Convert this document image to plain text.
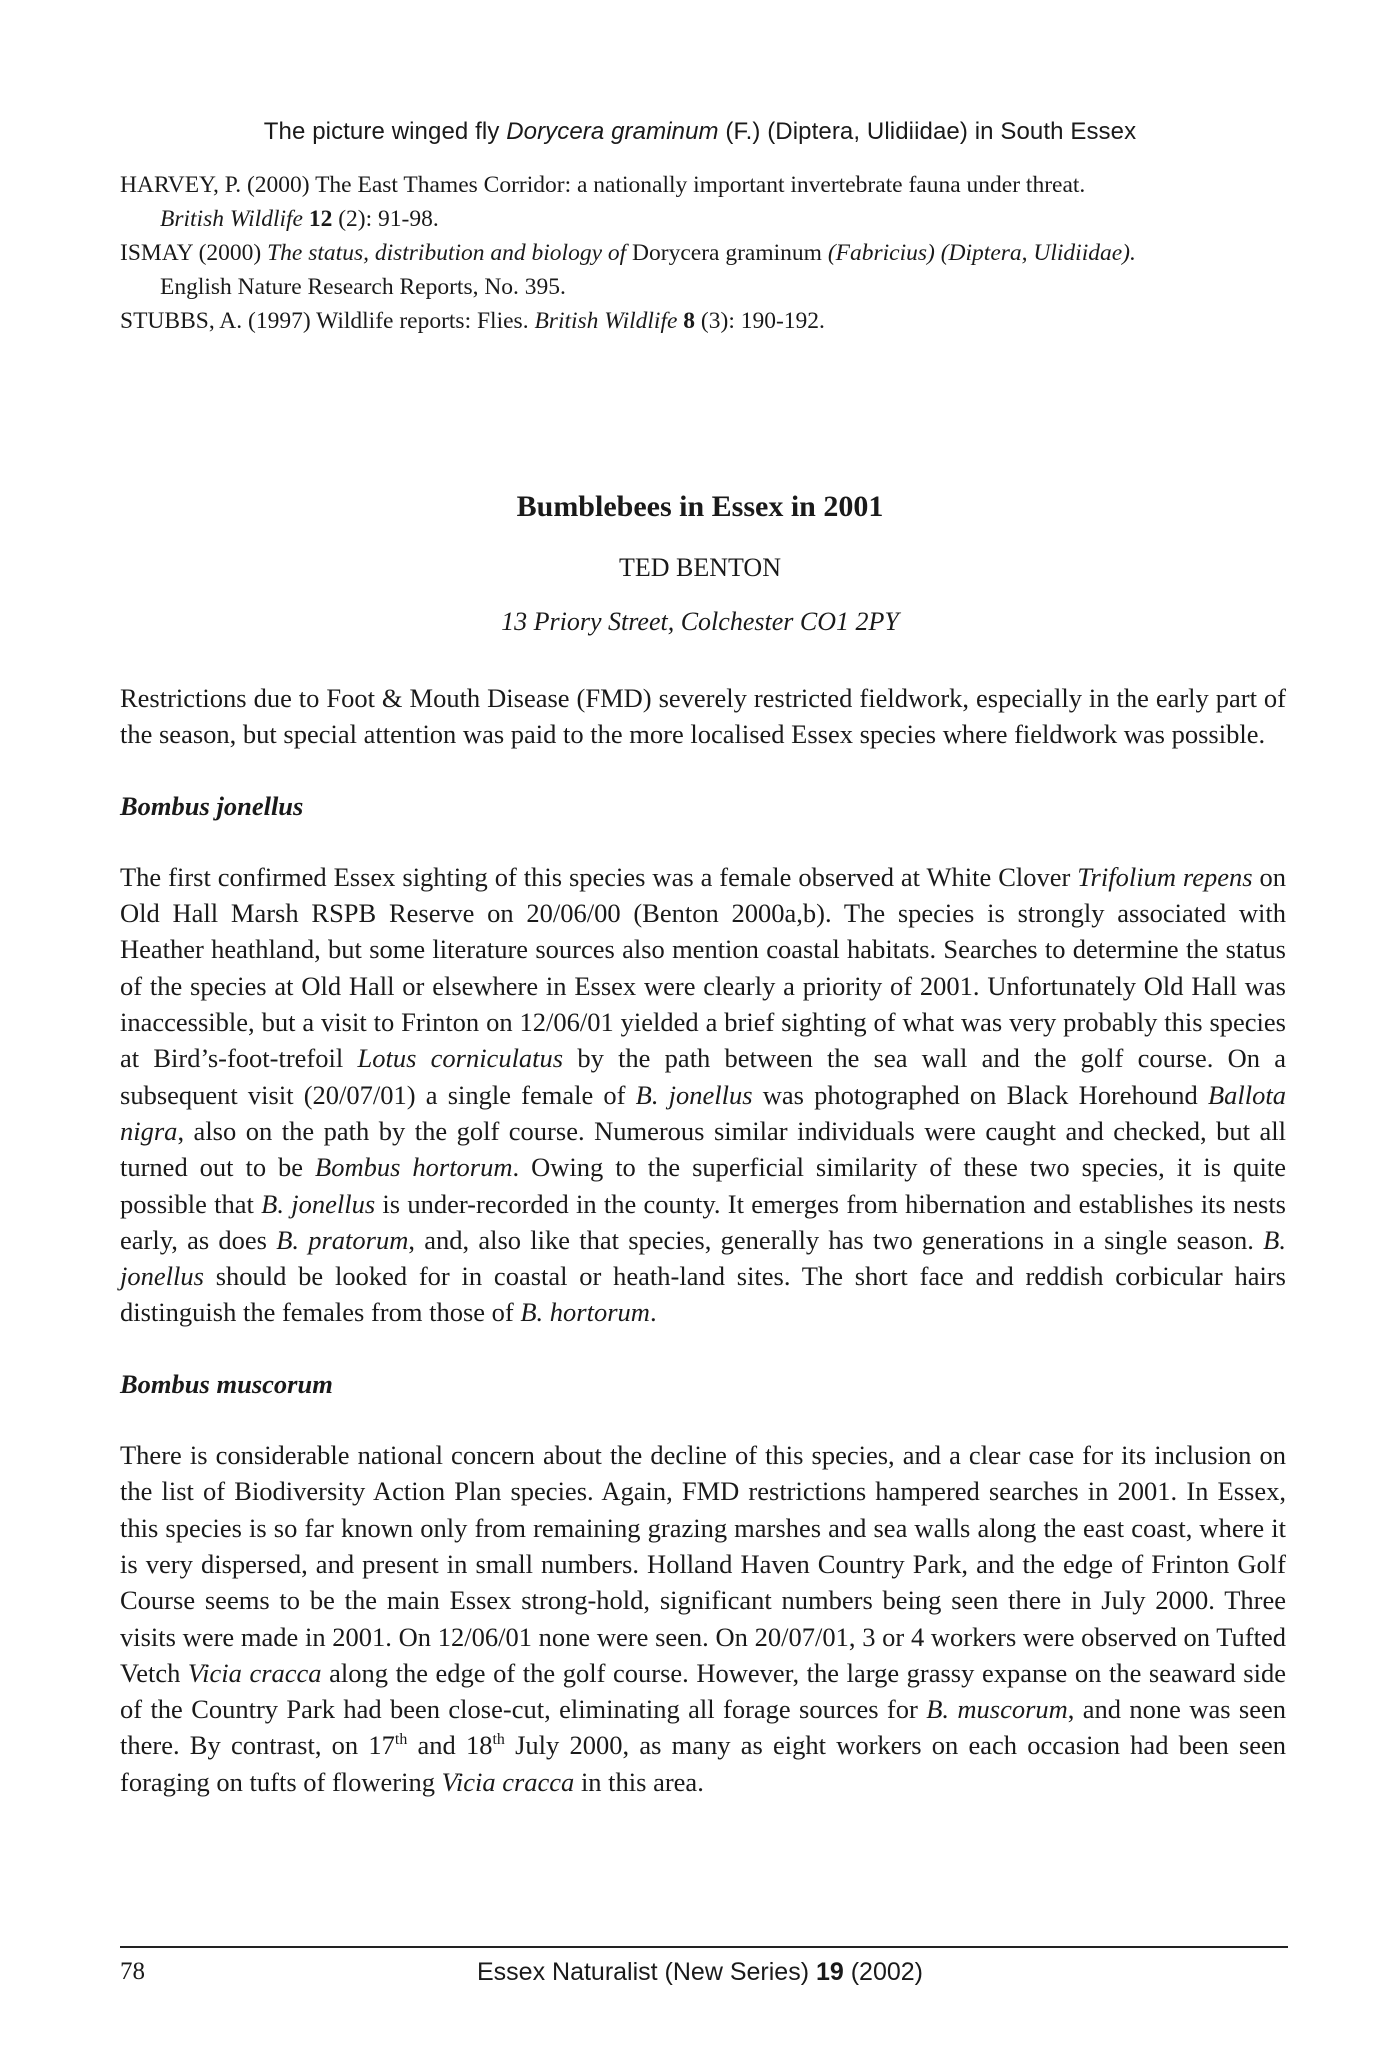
The picture winged fly Dorycera graminum (F.) (Diptera, Ulidiidae) in South Essex
HARVEY, P. (2000) The East Thames Corridor: a nationally important invertebrate fauna under threat.
British Wildlife 12 (2): 91-98.
ISMAY (2000) The status, distribution and biology of Dorycera graminum (Fabricius) (Diptera, Ulidiidae).
English Nature Research Reports, No. 395.
STUBBS, A. (1997) Wildlife reports: Flies. British Wildlife 8 (3): 190-192.
Bumblebees in Essex in 2001
TED BENTON
13 Priory Street, Colchester CO1 2PY

Restrictions due to Foot & Mouth Disease (FMD) severely restricted fieldwork, especially in the early part of the season, but special attention was paid to the more localised Essex species where fieldwork was possible.

Bombus jonellus

The first confirmed Essex sighting of this species was a female observed at White Clover Trifolium repens on Old Hall Marsh RSPB Reserve on 20/06/00 (Benton 2000a,b). The species is strongly associated with Heather heathland, but some literature sources also mention coastal habitats. Searches to determine the status of the species at Old Hall or elsewhere in Essex were clearly a priority of 2001. Unfortunately Old Hall was inaccessible, but a visit to Frinton on 12/06/01 yielded a brief sighting of what was very probably this species at Bird’s-foot-trefoil Lotus corniculatus by the path between the sea wall and the golf course. On a subsequent visit (20/07/01) a single female of B. jonellus was photographed on Black Horehound Ballota nigra, also on the path by the golf course. Numerous similar individuals were caught and checked, but all turned out to be Bombus hortorum. Owing to the superficial similarity of these two species, it is quite possible that B. jonellus is under-recorded in the county. It emerges from hibernation and establishes its nests early, as does B. pratorum, and, also like that species, generally has two generations in a single season. B. jonellus should be looked for in coastal or heath-land sites. The short face and reddish corbicular hairs distinguish the females from those of B. hortorum.

Bombus muscorum

There is considerable national concern about the decline of this species, and a clear case for its inclusion on the list of Biodiversity Action Plan species. Again, FMD restrictions hampered searches in 2001. In Essex, this species is so far known only from remaining grazing marshes and sea walls along the east coast, where it is very dispersed, and present in small numbers. Holland Haven Country Park, and the edge of Frinton Golf Course seems to be the main Essex strong-hold, significant numbers being seen there in July 2000. Three visits were made in 2001. On 12/06/01 none were seen. On 20/07/01, 3 or 4 workers were observed on Tufted Vetch Vicia cracca along the edge of the golf course. However, the large grassy expanse on the seaward side of the Country Park had been close-cut, eliminating all forage sources for B. muscorum, and none was seen there. By contrast, on 17th and 18th July 2000, as many as eight workers on each occasion had been seen foraging on tufts of flowering Vicia cracca in this area.

78	Essex Naturalist (New Series) 19 (2002)
